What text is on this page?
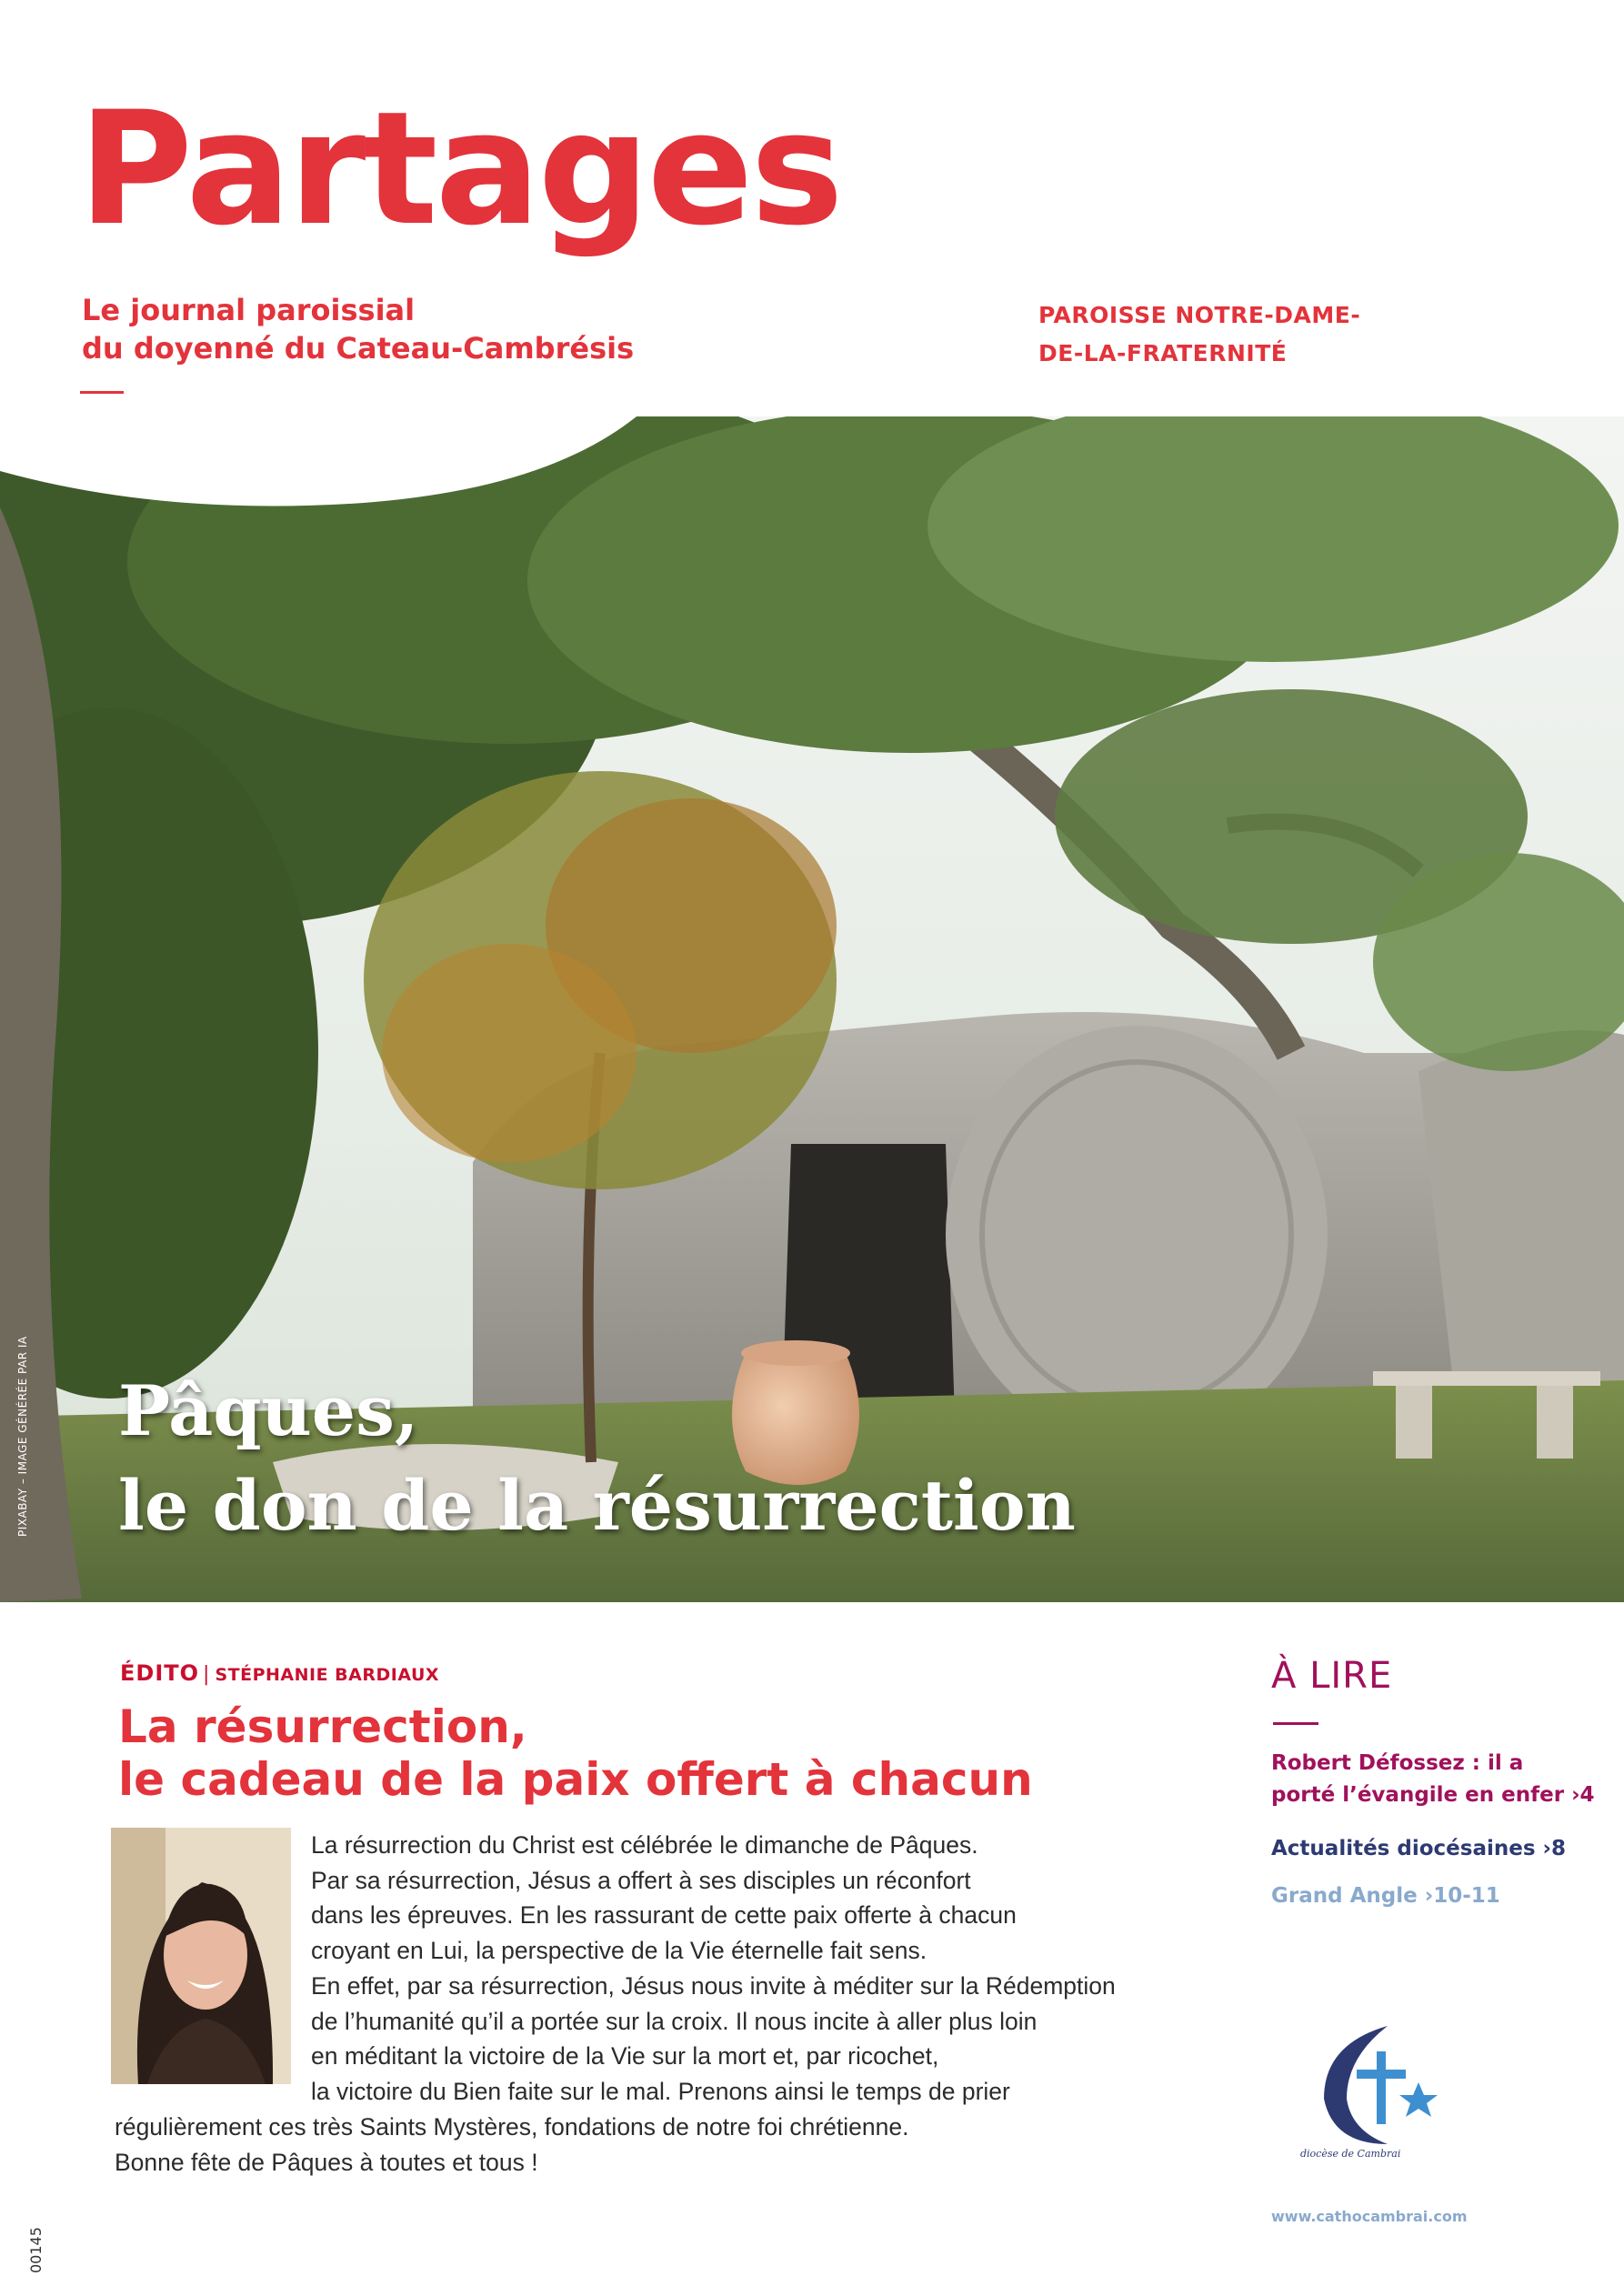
Partages
Le journal paroissial
du doyenné du Cateau-Cambrésis
PAROISSE NOTRE-DAME-
DE-LA-FRATERNITÉ
Pâques,
le don de la résurrection
PIXABAY – IMAGE GÉNÉRÉE PAR IA
ÉDITO | STÉPHANIE BARDIAUX
La résurrection,
le cadeau de la paix offert à chacun
La résurrection du Christ est célébrée le dimanche de Pâques.
Par sa résurrection, Jésus a offert à ses disciples un réconfort
dans les épreuves. En les rassurant de cette paix offerte à chacun
croyant en Lui, la perspective de la Vie éternelle fait sens.
En effet, par sa résurrection, Jésus nous invite à méditer sur la Rédemption
de l’humanité qu’il a portée sur la croix. Il nous incite à aller plus loin
en méditant la victoire de la Vie sur la mort et, par ricochet,
la victoire du Bien faite sur le mal. Prenons ainsi le temps de prier
régulièrement ces très Saints Mystères, fondations de notre foi chrétienne.
Bonne fête de Pâques à toutes et tous !
À LIRE
Robert Défossez : il a
porté l’évangile en enfer ›4
Actualités diocésaines ›8
Grand Angle ›10-11
diocèse de Cambrai
www.cathocambrai.com
00145
